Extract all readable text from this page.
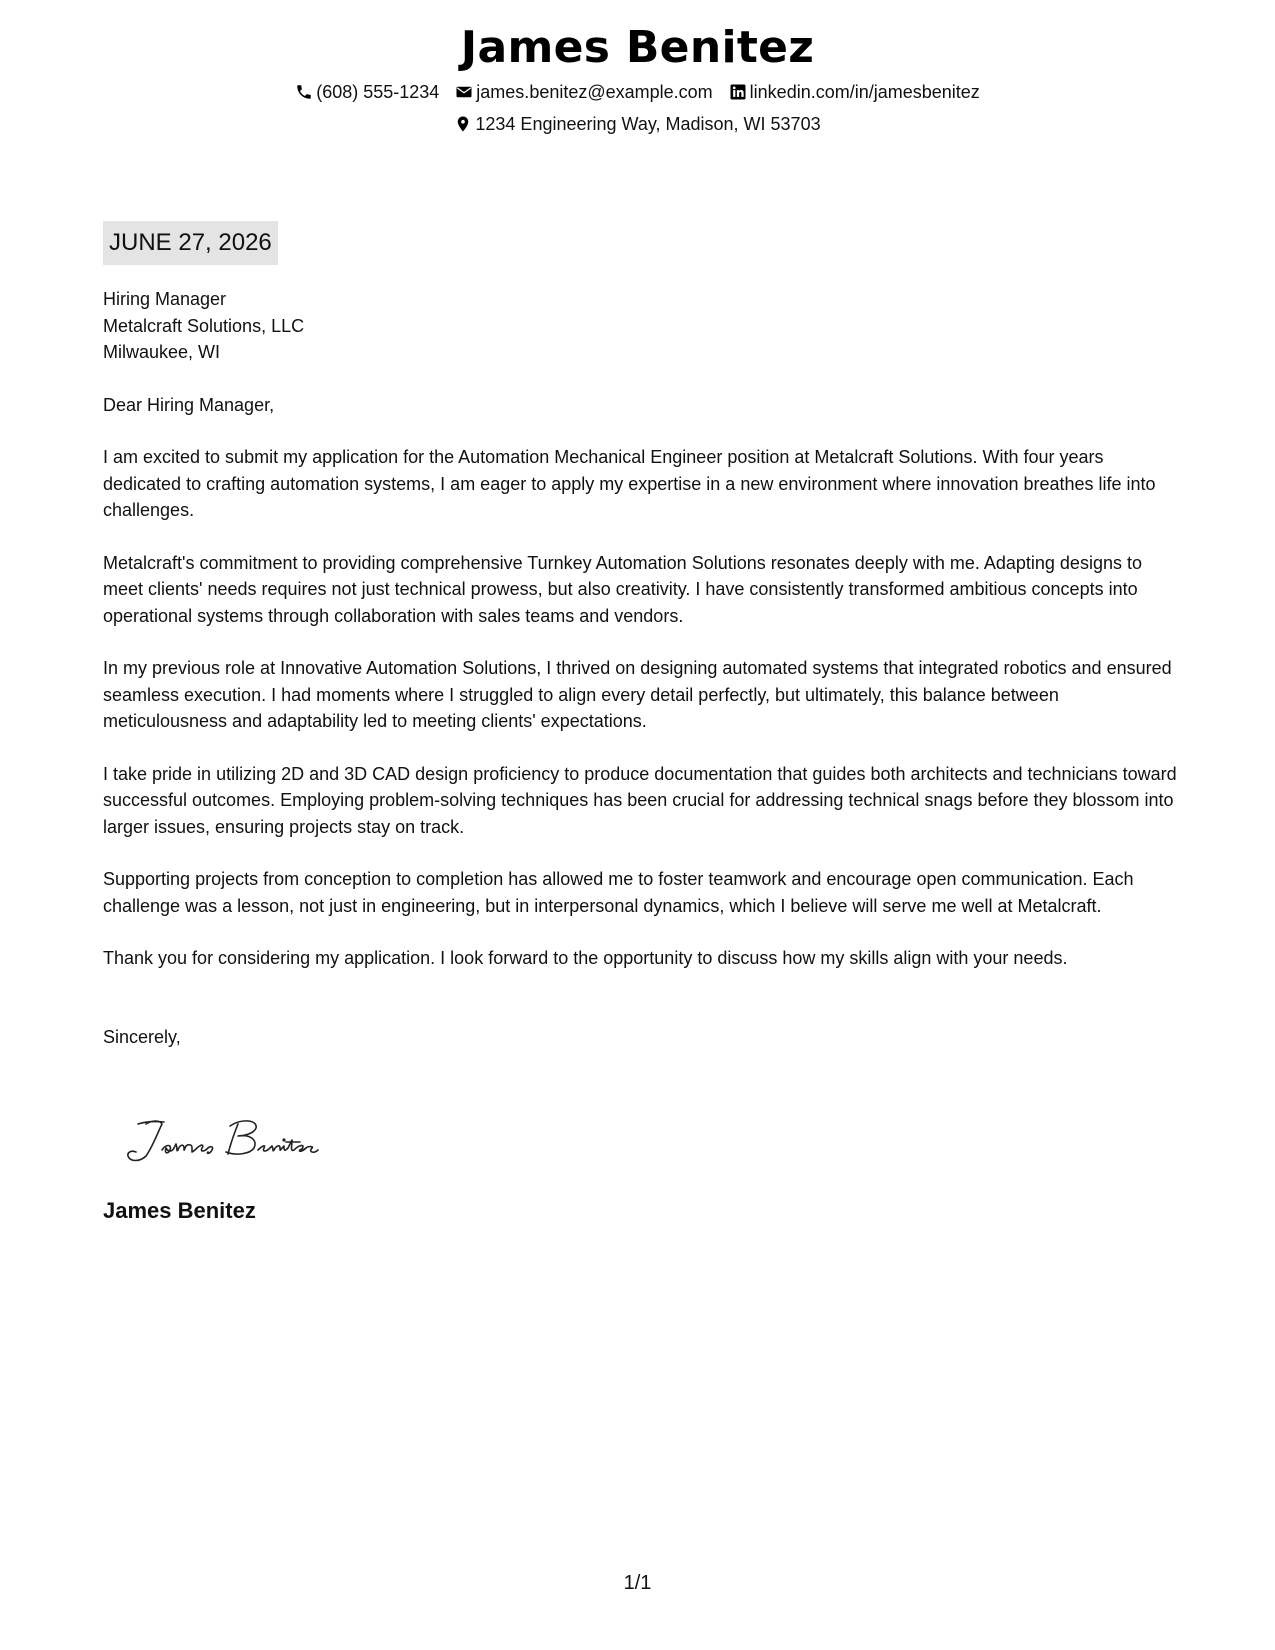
James Benitez
(608) 555-1234 james.benitez@example.com linkedin.com/in/jamesbenitez
1234 Engineering Way, Madison, WI 53703
JUNE 27, 2026
Hiring Manager
Metalcraft Solutions, LLC
Milwaukee, WI

Dear Hiring Manager,

I am excited to submit my application for the Automation Mechanical Engineer position at Metalcraft Solutions. With four years dedicated to crafting automation systems, I am eager to apply my expertise in a new environment where innovation breathes life into challenges.

Metalcraft's commitment to providing comprehensive Turnkey Automation Solutions resonates deeply with me. Adapting designs to meet clients' needs requires not just technical prowess, but also creativity. I have consistently transformed ambitious concepts into operational systems through collaboration with sales teams and vendors.

In my previous role at Innovative Automation Solutions, I thrived on designing automated systems that integrated robotics and ensured seamless execution. I had moments where I struggled to align every detail perfectly, but ultimately, this balance between meticulousness and adaptability led to meeting clients' expectations.

I take pride in utilizing 2D and 3D CAD design proficiency to produce documentation that guides both architects and technicians toward successful outcomes. Employing problem-solving techniques has been crucial for addressing technical snags before they blossom into larger issues, ensuring projects stay on track.

Supporting projects from conception to completion has allowed me to foster teamwork and encourage open communication. Each challenge was a lesson, not just in engineering, but in interpersonal dynamics, which I believe will serve me well at Metalcraft.

Thank you for considering my application. I look forward to the opportunity to discuss how my skills align with your needs.

Sincerely,

James Benitez
1/1
